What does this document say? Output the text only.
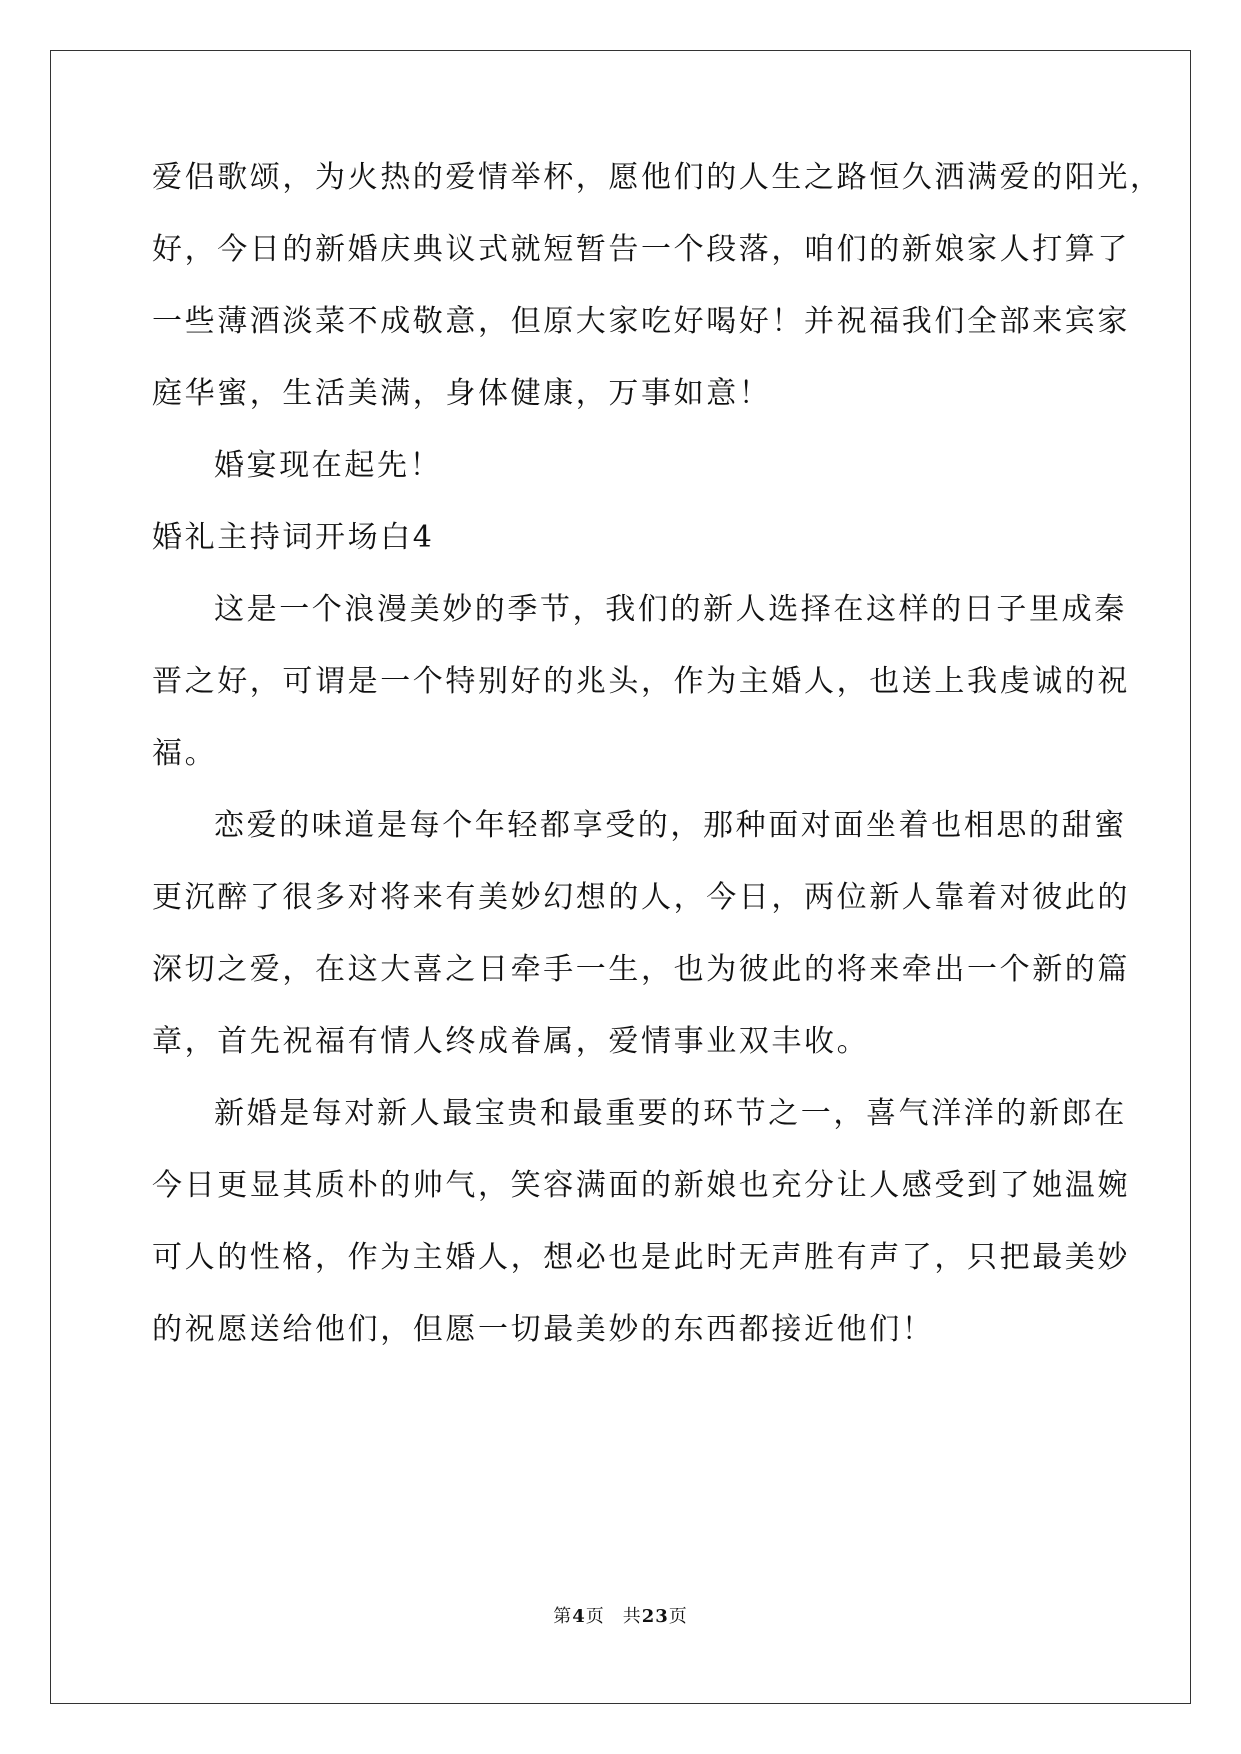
爱侣歌颂，为火热的爱情举杯，愿他们的人生之路恒久洒满爱的阳光，
好，今日的新婚庆典议式就短暂告一个段落，咱们的新娘家人打算了
一些薄酒淡菜不成敬意，但原大家吃好喝好！并祝福我们全部来宾家
庭华蜜，生活美满，身体健康，万事如意！
婚宴现在起先！
婚礼主持词开场白4
这是一个浪漫美妙的季节，我们的新人选择在这样的日子里成秦
晋之好，可谓是一个特别好的兆头，作为主婚人，也送上我虔诚的祝
福。
恋爱的味道是每个年轻都享受的，那种面对面坐着也相思的甜蜜
更沉醉了很多对将来有美妙幻想的人，今日，两位新人靠着对彼此的
深切之爱，在这大喜之日牵手一生，也为彼此的将来牵出一个新的篇
章，首先祝福有情人终成眷属，爱情事业双丰收。
新婚是每对新人最宝贵和最重要的环节之一，喜气洋洋的新郎在
今日更显其质朴的帅气，笑容满面的新娘也充分让人感受到了她温婉
可人的性格，作为主婚人，想必也是此时无声胜有声了，只把最美妙
的祝愿送给他们，但愿一切最美妙的东西都接近他们！
第4页 共23页
